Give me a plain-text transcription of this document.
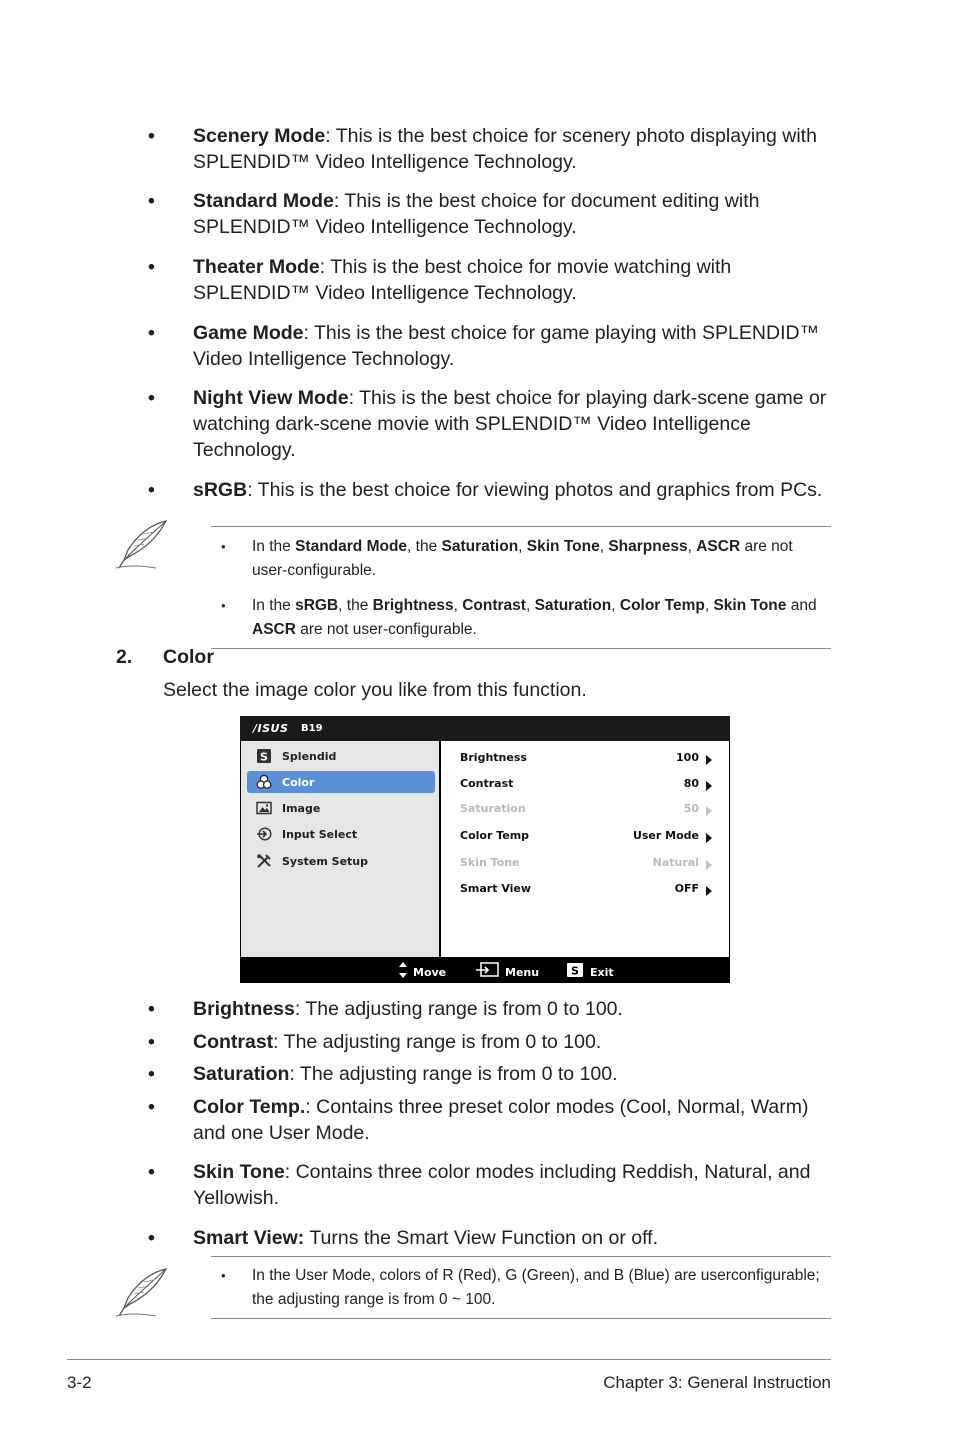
• Scenery Mode: This is the best choice for scenery photo displaying with SPLENDID™ Video Intelligence Technology.
• Standard Mode: This is the best choice for document editing with SPLENDID™ Video Intelligence Technology.
• Theater Mode: This is the best choice for movie watching with SPLENDID™ Video Intelligence Technology.
• Game Mode: This is the best choice for game playing with SPLENDID™ Video Intelligence Technology.
• Night View Mode: This is the best choice for playing dark-scene game or watching dark-scene movie with SPLENDID™ Video Intelligence Technology.
• sRGB: This is the best choice for viewing photos and graphics from PCs.
• In the Standard Mode, the Saturation, Skin Tone, Sharpness, ASCR are not user-configurable.
• In the sRGB, the Brightness, Contrast, Saturation, Color Temp, Skin Tone and ASCR are not user-configurable.
2. Color
Select the image color you like from this function.
/ISUS B19
S Splendid
Color
Image
Input Select
System Setup
Brightness	100
Contrast	80
Saturation	50
Color Temp	User Mode
Skin Tone	Natural
Smart View	OFF
Move	Menu	S Exit
• Brightness: The adjusting range is from 0 to 100.
• Contrast: The adjusting range is from 0 to 100.
• Saturation: The adjusting range is from 0 to 100.
• Color Temp.: Contains three preset color modes (Cool, Normal, Warm) and one User Mode.
• Skin Tone: Contains three color modes including Reddish, Natural, and Yellowish.
• Smart View: Turns the Smart View Function on or off.
• In the User Mode, colors of R (Red), G (Green), and B (Blue) are userconfigurable; the adjusting range is from 0 ~ 100.
3-2	Chapter 3: General Instruction
